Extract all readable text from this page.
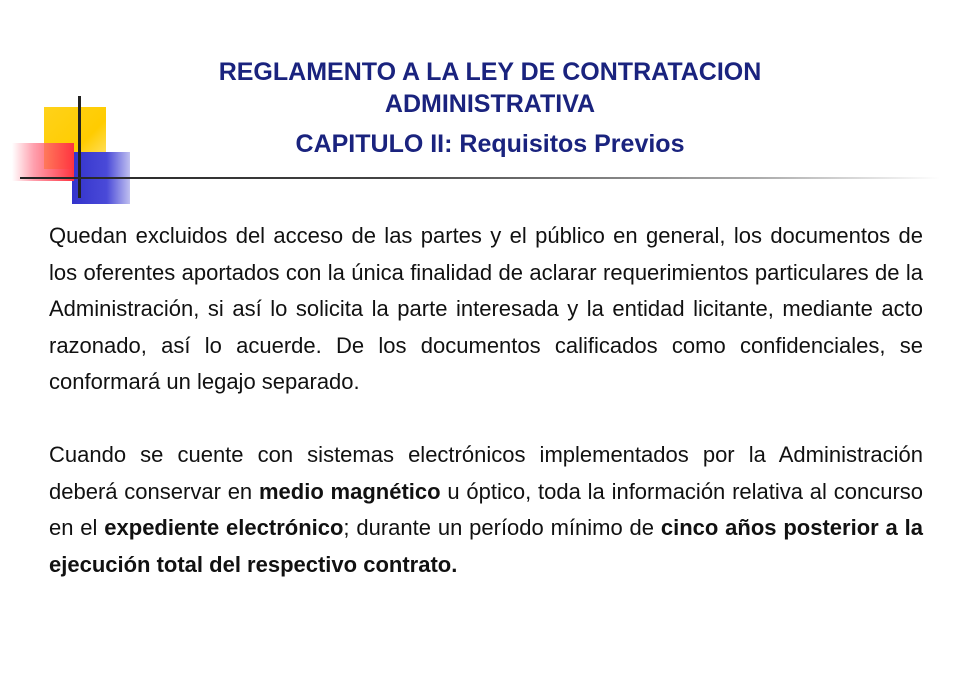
REGLAMENTO A LA LEY DE CONTRATACION ADMINISTRATIVA
CAPITULO II: Requisitos Previos

Quedan excluidos del acceso de las partes y el público en general, los documentos de los oferentes aportados con la única finalidad de aclarar requerimientos particulares de la Administración, si así lo solicita la parte interesada y la entidad licitante, mediante acto razonado, así lo acuerde. De los documentos calificados como confidenciales, se conformará un legajo separado.

Cuando se cuente con sistemas electrónicos implementados por la Administración deberá conservar en medio magnético u óptico, toda la información relativa al concurso en el expediente electrónico; durante un período mínimo de cinco años posterior a la ejecución total del respectivo contrato.
